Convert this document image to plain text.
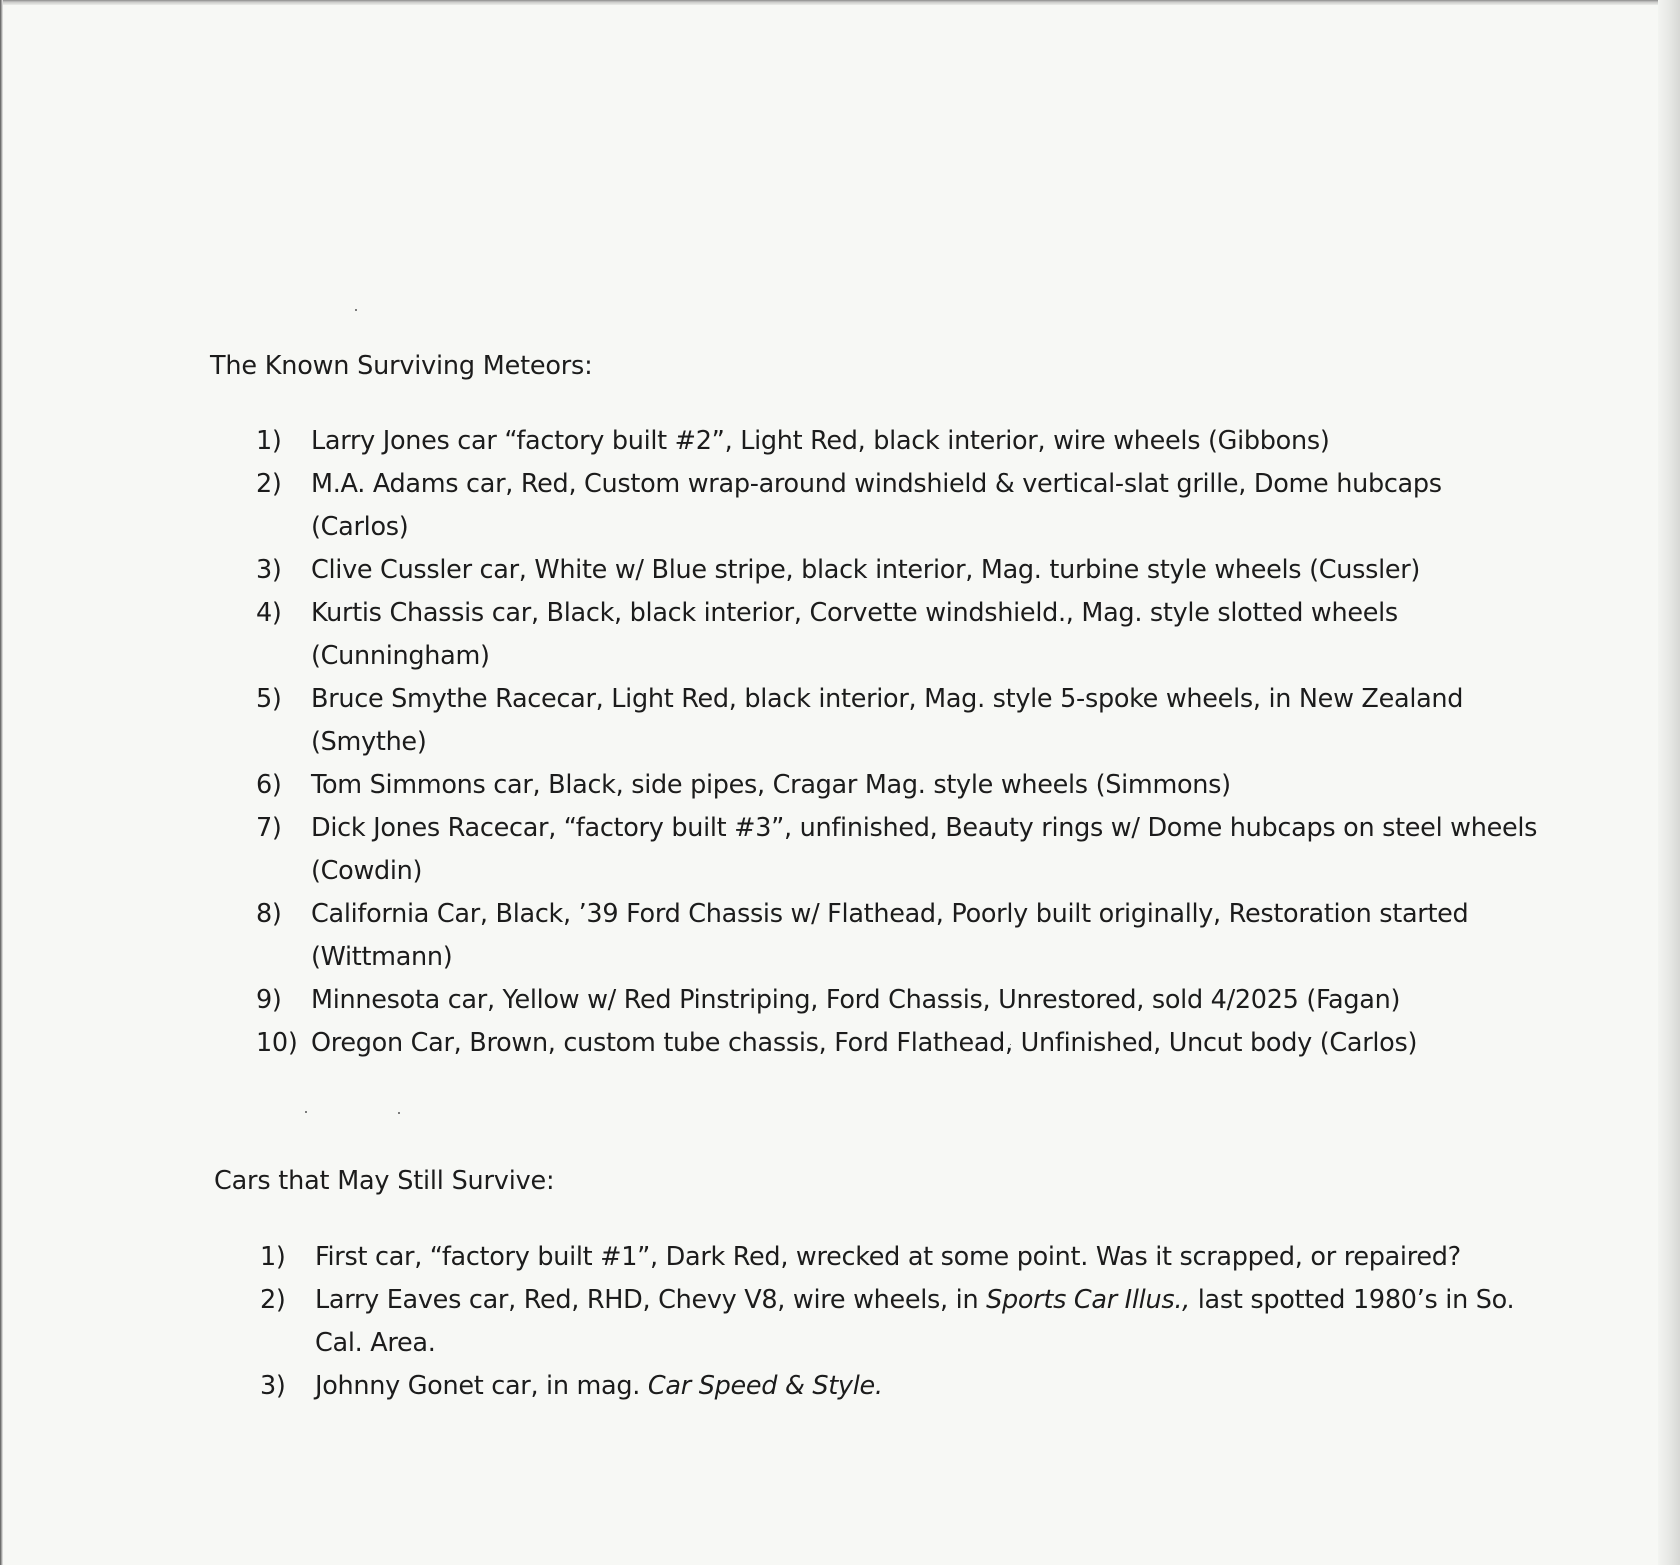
The Known Surviving Meteors:
1) Larry Jones car “factory built #2”, Light Red, black interior, wire wheels (Gibbons)
2) M.A. Adams car, Red, Custom wrap-around windshield & vertical-slat grille, Dome hubcaps (Carlos)
3) Clive Cussler car, White w/ Blue stripe, black interior, Mag. turbine style wheels (Cussler)
4) Kurtis Chassis car, Black, black interior, Corvette windshield., Mag. style slotted wheels (Cunningham)
5) Bruce Smythe Racecar, Light Red, black interior, Mag. style 5-spoke wheels, in New Zealand (Smythe)
6) Tom Simmons car, Black, side pipes, Cragar Mag. style wheels (Simmons)
7) Dick Jones Racecar, “factory built #3”, unfinished, Beauty rings w/ Dome hubcaps on steel wheels (Cowdin)
8) California Car, Black, ’39 Ford Chassis w/ Flathead, Poorly built originally, Restoration started (Wittmann)
9) Minnesota car, Yellow w/ Red Pinstriping, Ford Chassis, Unrestored, sold 4/2025 (Fagan)
10) Oregon Car, Brown, custom tube chassis, Ford Flathead, Unfinished, Uncut body (Carlos)
Cars that May Still Survive:
1) First car, “factory built #1”, Dark Red, wrecked at some point. Was it scrapped, or repaired?
2) Larry Eaves car, Red, RHD, Chevy V8, wire wheels, in Sports Car Illus., last spotted 1980’s in So. Cal. Area.
3) Johnny Gonet car, in mag. Car Speed & Style.
